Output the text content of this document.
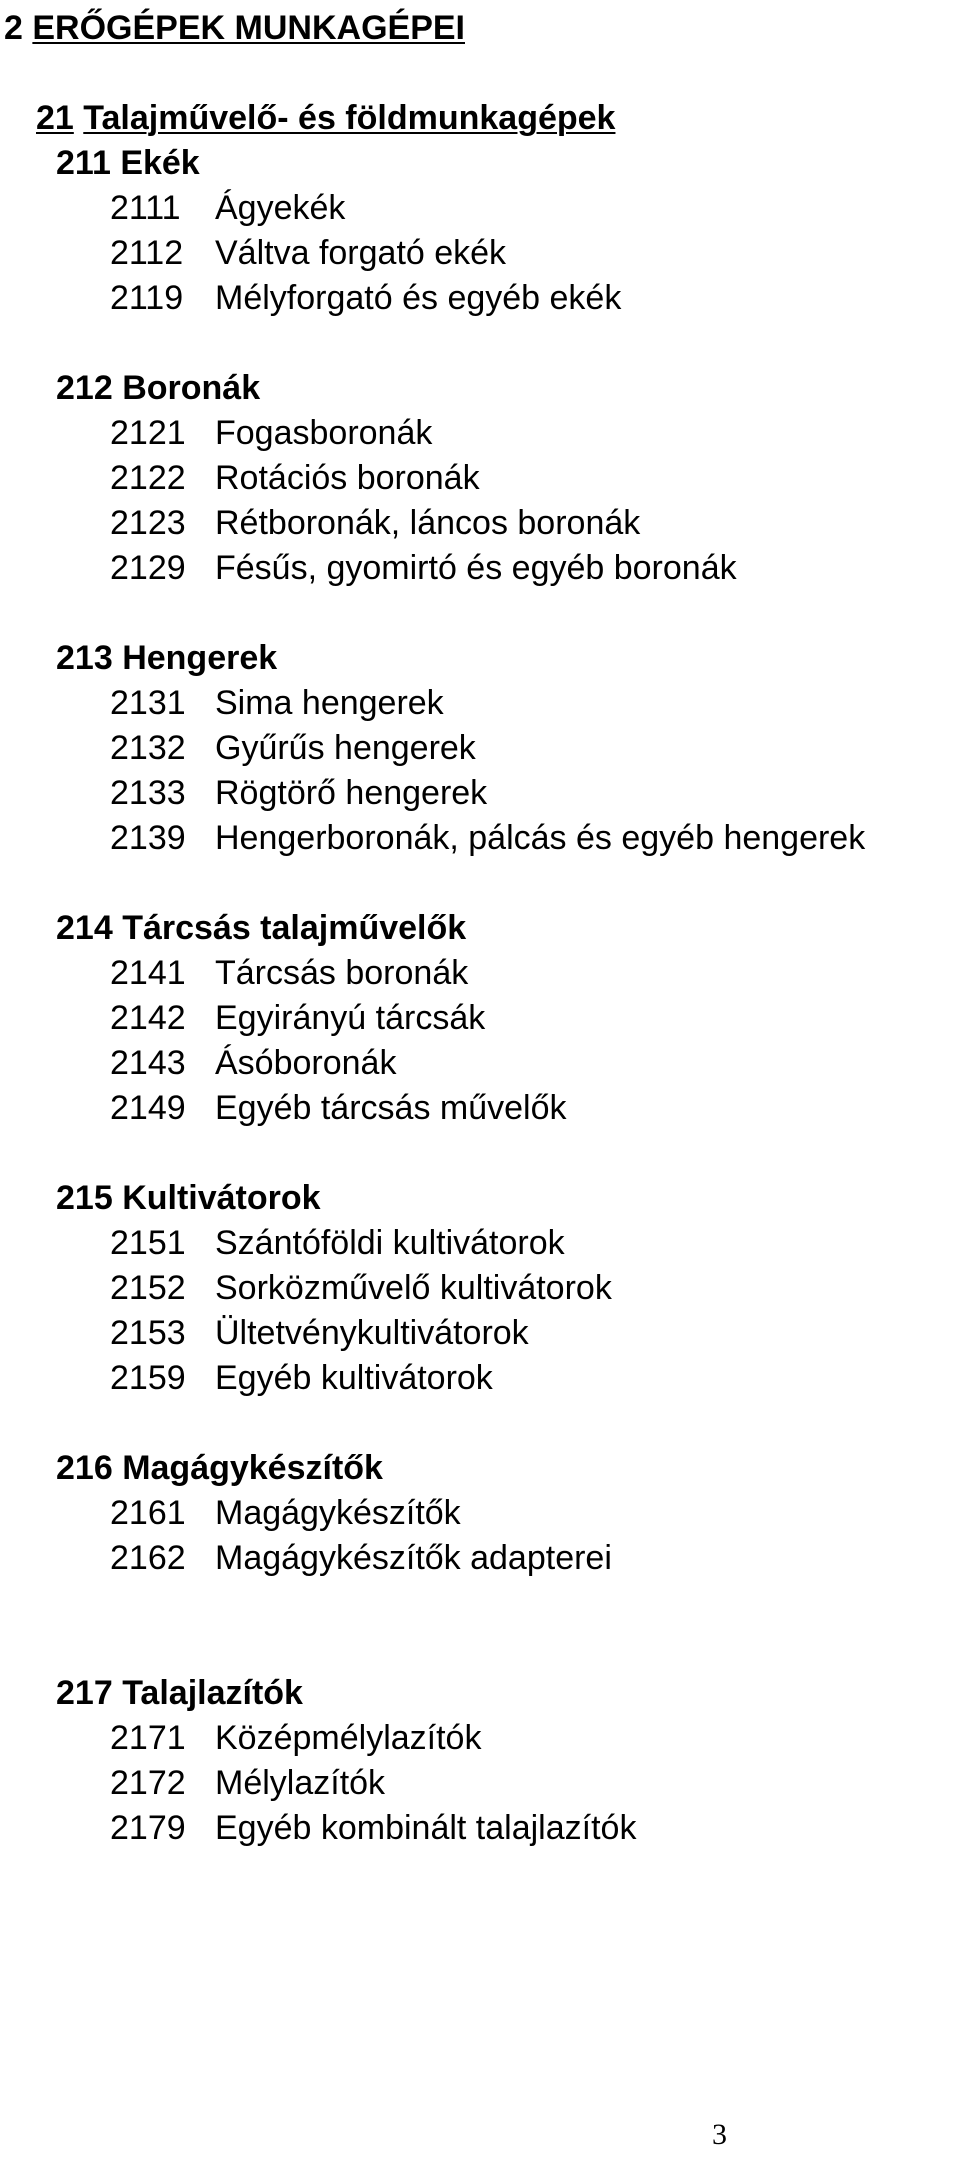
2 ERŐGÉPEK MUNKAGÉPEI
21 Talajművelő- és földmunkagépek
211 Ekék
2111	Ágyekék
2112 Váltva forgató ekék
2119 Mélyforgató és egyéb ekék
212 Boronák
2121 Fogasboronák
2122 Rotációs boronák
2123 Rétboronák, láncos boronák
2129 Fésűs, gyomirtó és egyéb boronák
213 Hengerek
2131 Sima hengerek
2132 Gyűrűs hengerek
2133 Rögtörő hengerek
2139 Hengerboronák, pálcás és egyéb hengerek
214 Tárcsás talajművelők
2141 Tárcsás boronák
2142 Egyirányú tárcsák
2143 Ásóboronák
2149 Egyéb tárcsás művelők
215 Kultivátorok
2151 Szántóföldi kultivátorok
2152 Sorközművelő kultivátorok
2153 Ültetvénykultivátorok
2159 Egyéb kultivátorok
216 Magágykészítők
2161 Magágykészítők
2162 Magágykészítők adapterei
217 Talajlazítók
2171 Középmélylazítók
2172 Mélylazítók
2179 Egyéb kombinált talajlazítók
3
